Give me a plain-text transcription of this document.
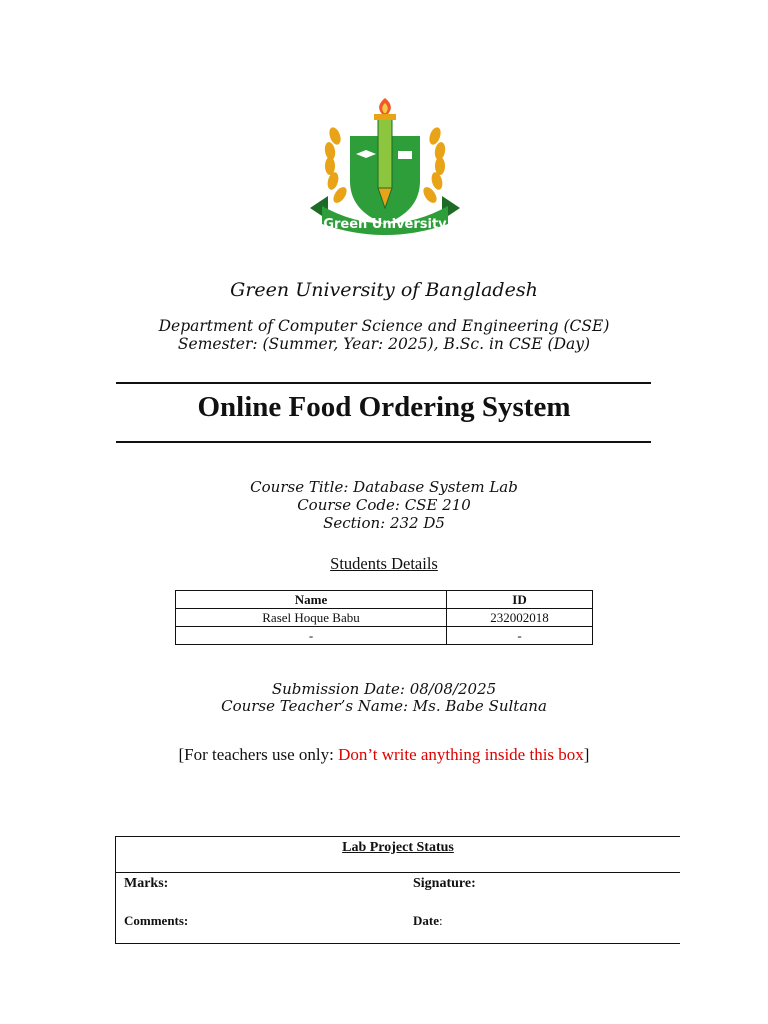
Green University
Green University of Bangladesh
Department of Computer Science and Engineering (CSE)
Semester: (Summer, Year: 2025), B.Sc. in CSE (Day)
Online Food Ordering System
Course Title: Database System Lab
Course Code: CSE 210
Section: 232 D5
Students Details
Name	ID
Rasel Hoque Babu	232002018
-	-
Submission Date: 08/08/2025
Course Teacher’s Name: Ms. Babe Sultana
[For teachers use only: Don’t write anything inside this box]
Lab Project Status
Marks:	Signature:
Comments:	Date:
